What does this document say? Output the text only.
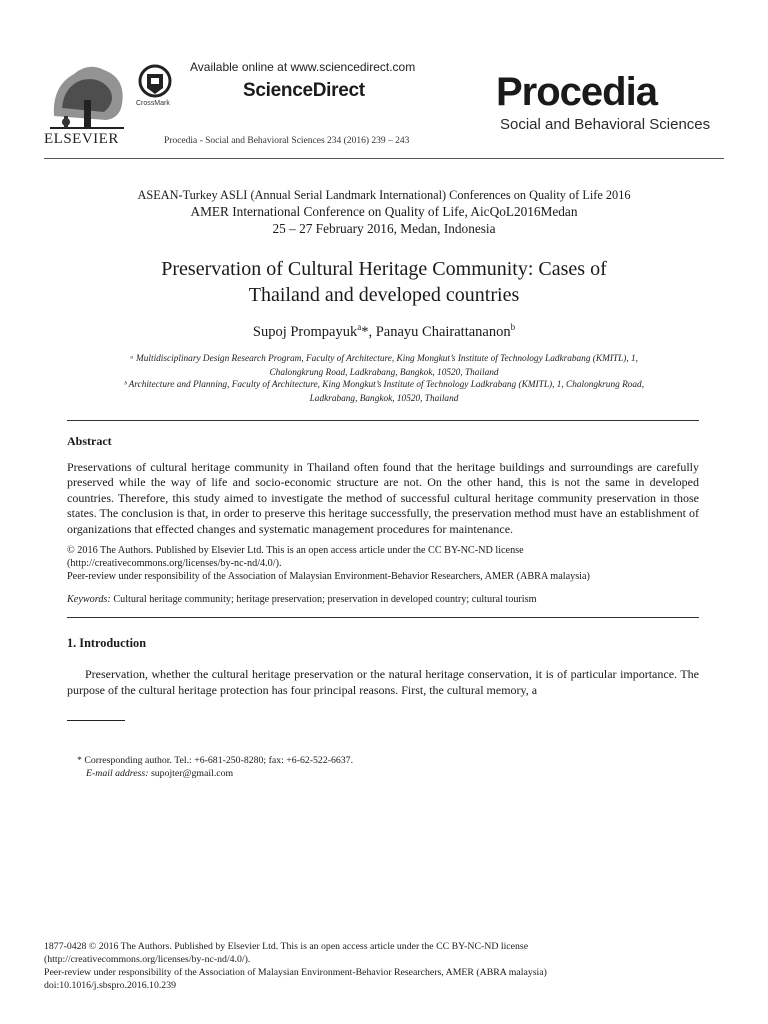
ELSEVIER
CrossMark
Available online at www.sciencedirect.com
ScienceDirect
Procedia - Social and Behavioral Sciences 234 (2016) 239 – 243
Procedia
Social and Behavioral Sciences
ASEAN-Turkey ASLI (Annual Serial Landmark International) Conferences on Quality of Life 2016
AMER International Conference on Quality of Life, AicQoL2016Medan
25 – 27 February 2016, Medan, Indonesia
Preservation of Cultural Heritage Community: Cases of
Thailand and developed countries
Supoj Prompayuk$^a$*, Panayu Chairattananon$^b$
ᵃ Multidisciplinary Design Research Program, Faculty of Architecture, King Mongkut’s Institute of Technology Ladkrabang (KMITL), 1,
Chalongkrung Road, Ladkrabang, Bangkok, 10520, Thailand
ᵇ Architecture and Planning, Faculty of Architecture, King Mongkut’s Institute of Technology Ladkrabang (KMITL), 1, Chalongkrung Road,
Ladkrabang, Bangkok, 10520, Thailand
Abstract
Preservations of cultural heritage community in Thailand often found that the heritage buildings and surroundings are carefully preserved while the way of life and socio-economic structure are not. On the other hand, this is not the same in developed countries. Therefore, this study aimed to investigate the method of successful cultural heritage community preservation in those states. The conclusion is that, in order to preserve this heritage successfully, the preservation method must have an establishment of organizations that effected changes and systematic management procedures for maintenance.
© 2016 The Authors. Published by Elsevier Ltd. This is an open access article under the CC BY-NC-ND license
(http://creativecommons.org/licenses/by-nc-nd/4.0/).
Peer-review under responsibility of the Association of Malaysian Environment-Behavior Researchers, AMER (ABRA malaysia)
Keywords: Cultural heritage community; heritage preservation; preservation in developed country; cultural tourism
1. Introduction
Preservation, whether the cultural heritage preservation or the natural heritage conservation, it is of particular importance. The purpose of the cultural heritage protection has four principal reasons. First, the cultural memory, a
* Corresponding author. Tel.: +6-681-250-8280; fax: +6-62-522-6637.
E-mail address: supojter@gmail.com
1877-0428 © 2016 The Authors. Published by Elsevier Ltd. This is an open access article under the CC BY-NC-ND license
(http://creativecommons.org/licenses/by-nc-nd/4.0/).
Peer-review under responsibility of the Association of Malaysian Environment-Behavior Researchers, AMER (ABRA malaysia)
doi:10.1016/j.sbspro.2016.10.239
